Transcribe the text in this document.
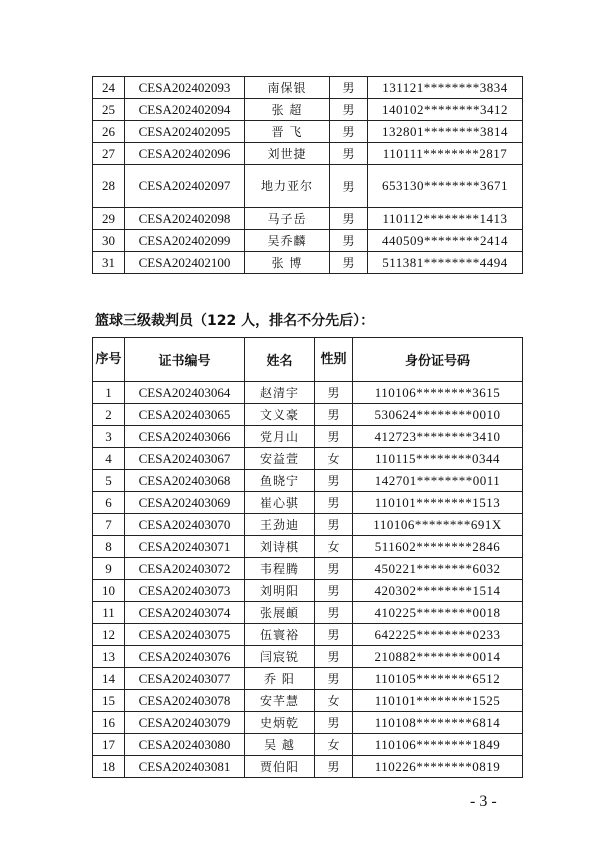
24	CESA202402093	南保银	男	131121********3834
25	CESA202402094	张 超	男	140102********3412
26	CESA202402095	晋 飞	男	132801********3814
27	CESA202402096	刘世捷	男	110111********2817
28	CESA202402097	地力亚尔	男	653130********3671
29	CESA202402098	马子岳	男	110112********1413
30	CESA202402099	吴乔麟	男	440509********2414
31	CESA202402100	张 博	男	511381********4494
篮球三级裁判员（122 人，排名不分先后）：
序号	证书编号	姓名	性别	身份证号码
1	CESA202403064	赵清宇	男	110106********3615
2	CESA202403065	文义豪	男	530624********0010
3	CESA202403066	党月山	男	412723********3410
4	CESA202403067	安益萱	女	110115********0344
5	CESA202403068	鱼晓宁	男	142701********0011
6	CESA202403069	崔心骐	男	110101********1513
7	CESA202403070	王劲迪	男	110106********691X
8	CESA202403071	刘诗棋	女	511602********2846
9	CESA202403072	韦程腾	男	450221********6032
10	CESA202403073	刘明阳	男	420302********1514
11	CESA202403074	张展頔	男	410225********0018
12	CESA202403075	伍寰裕	男	642225********0233
13	CESA202403076	闫宸锐	男	210882********0014
14	CESA202403077	乔 阳	男	110105********6512
15	CESA202403078	安芊慧	女	110101********1525
16	CESA202403079	史炳乾	男	110108********6814
17	CESA202403080	吴 越	女	110106********1849
18	CESA202403081	贾伯阳	男	110226********0819
- 3 -
